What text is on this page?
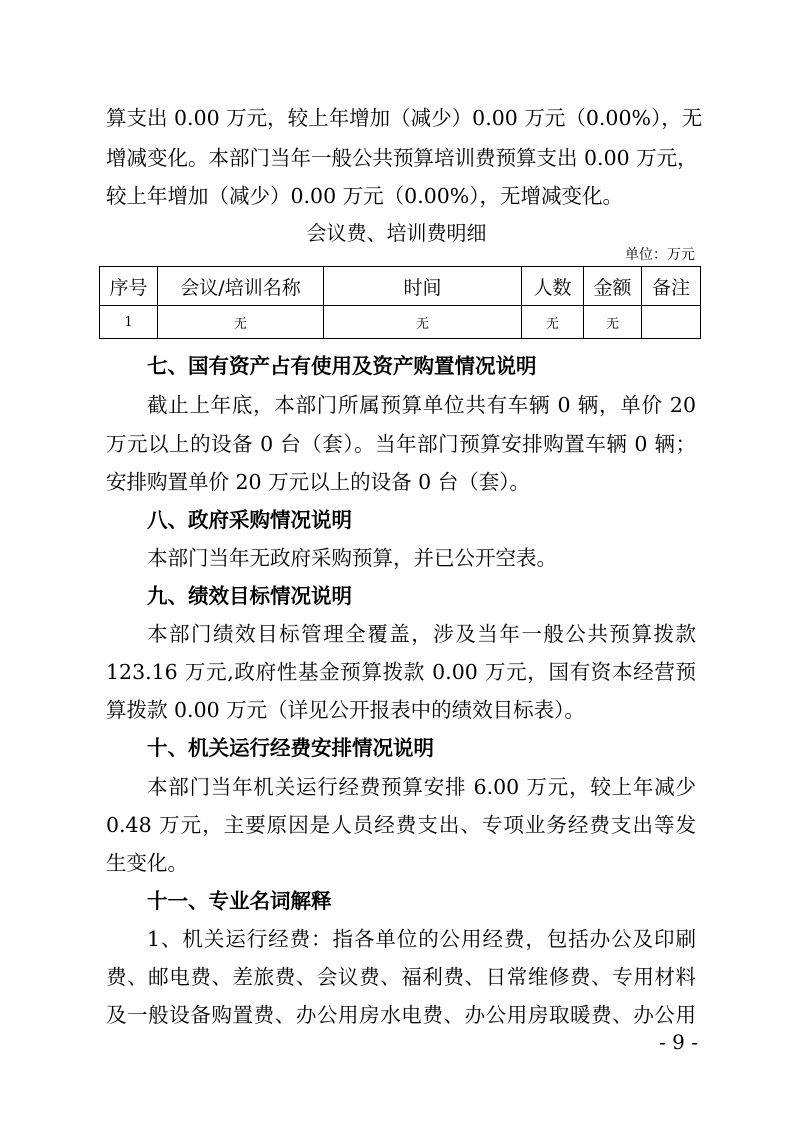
算支出 0.00 万元，较上年增加（减少）0.00 万元（0.00%），无
增减变化。本部门当年一般公共预算培训费预算支出 0.00 万元，
较上年增加（减少）0.00 万元（0.00%），无增减变化。
会议费、培训费明细
单位：万元
序号	会议/培训名称	时间	人数	金额	备注
1	无	无	无	无	
七、国有资产占有使用及资产购置情况说明
截止上年底，本部门所属预算单位共有车辆 0 辆，单价 20
万元以上的设备 0 台（套）。当年部门预算安排购置车辆 0 辆；
安排购置单价 20 万元以上的设备 0 台（套）。
八、政府采购情况说明
本部门当年无政府采购预算，并已公开空表。
九、绩效目标情况说明
本部门绩效目标管理全覆盖，涉及当年一般公共预算拨款
123.16 万元,政府性基金预算拨款 0.00 万元，国有资本经营预
算拨款 0.00 万元（详见公开报表中的绩效目标表）。
十、机关运行经费安排情况说明
本部门当年机关运行经费预算安排 6.00 万元，较上年减少
0.48 万元，主要原因是人员经费支出、专项业务经费支出等发
生变化。
十一、专业名词解释
1、机关运行经费：指各单位的公用经费，包括办公及印刷
费、邮电费、差旅费、会议费、福利费、日常维修费、专用材料
及一般设备购置费、办公用房水电费、办公用房取暖费、办公用
- 9 -
